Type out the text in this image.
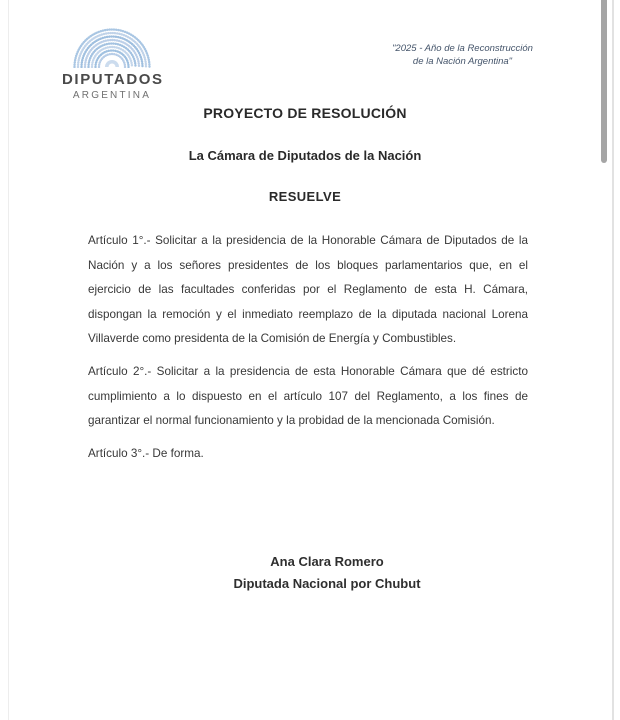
DIPUTADOS
ARGENTINA
"2025 - Año de la Reconstrucción
de la Nación Argentina"
PROYECTO DE RESOLUCIÓN
La Cámara de Diputados de la Nación
RESUELVE

Artículo 1°.- Solicitar a la presidencia de la Honorable Cámara de Diputados de la Nación y a los señores presidentes de los bloques parlamentarios que, en el ejercicio de las facultades conferidas por el Reglamento de esta H. Cámara, dispongan la remoción y el inmediato reemplazo de la diputada nacional Lorena Villaverde como presidenta de la Comisión de Energía y Combustibles.

Artículo 2°.- Solicitar a la presidencia de esta Honorable Cámara que dé estricto cumplimiento a lo dispuesto en el artículo 107 del Reglamento, a los fines de garantizar el normal funcionamiento y la probidad de la mencionada Comisión.

Artículo 3°.- De forma.

Ana Clara Romero
Diputada Nacional por Chubut
